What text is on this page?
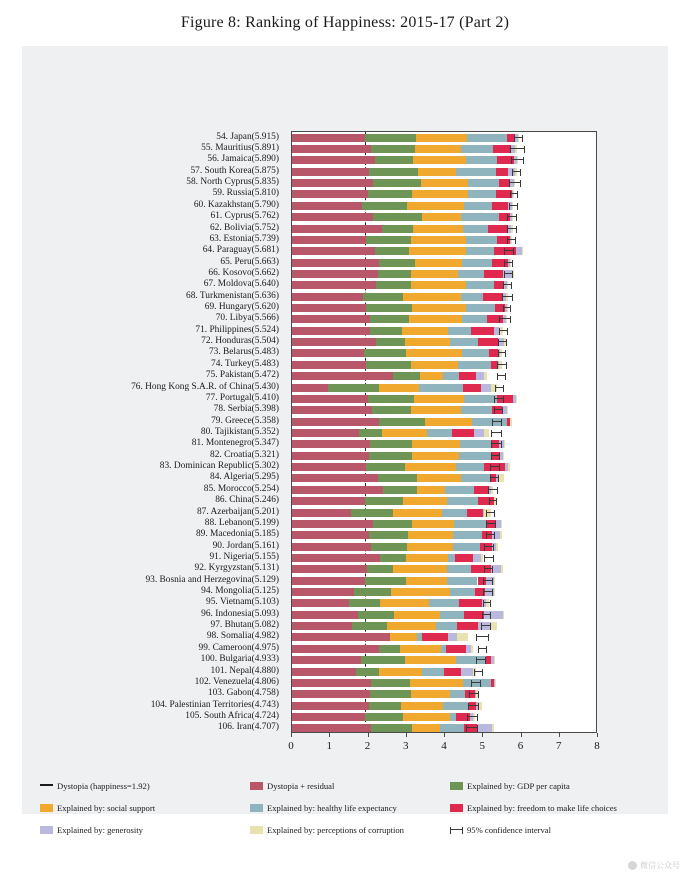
Figure 8: Ranking of Happiness: 2015-17 (Part 2)
54. Japan(5.915)
55. Mauritius(5.891)
56. Jamaica(5.890)
57. South Korea(5.875)
58. North Cyprus(5.835)
59. Russia(5.810)
60. Kazakhstan(5.790)
61. Cyprus(5.762)
62. Bolivia(5.752)
63. Estonia(5.739)
64. Paraguay(5.681)
65. Peru(5.663)
66. Kosovo(5.662)
67. Moldova(5.640)
68. Turkmenistan(5.636)
69. Hungary(5.620)
70. Libya(5.566)
71. Philippines(5.524)
72. Honduras(5.504)
73. Belarus(5.483)
74. Turkey(5.483)
75. Pakistan(5.472)
76. Hong Kong S.A.R. of China(5.430)
77. Portugal(5.410)
78. Serbia(5.398)
79. Greece(5.358)
80. Tajikistan(5.352)
81. Montenegro(5.347)
82. Croatia(5.321)
83. Dominican Republic(5.302)
84. Algeria(5.295)
85. Morocco(5.254)
86. China(5.246)
87. Azerbaijan(5.201)
88. Lebanon(5.199)
89. Macedonia(5.185)
90. Jordan(5.161)
91. Nigeria(5.155)
92. Kyrgyzstan(5.131)
93. Bosnia and Herzegovina(5.129)
94. Mongolia(5.125)
95. Vietnam(5.103)
96. Indonesia(5.093)
97. Bhutan(5.082)
98. Somalia(4.982)
99. Cameroon(4.975)
100. Bulgaria(4.933)
101. Nepal(4.880)
102. Venezuela(4.806)
103. Gabon(4.758)
104. Palestinian Territories(4.743)
105. South Africa(4.724)
106. Iran(4.707)
0	1	2	3	4	5	6	7	8
Dystopia (happiness=1.92)	Dystopia + residual	Explained by: GDP per capita
Explained by: social support	Explained by: healthy life expectancy	Explained by: freedom to make life choices
Explained by: generosity	Explained by: perceptions of corruption	95% confidence interval
微信公众号
